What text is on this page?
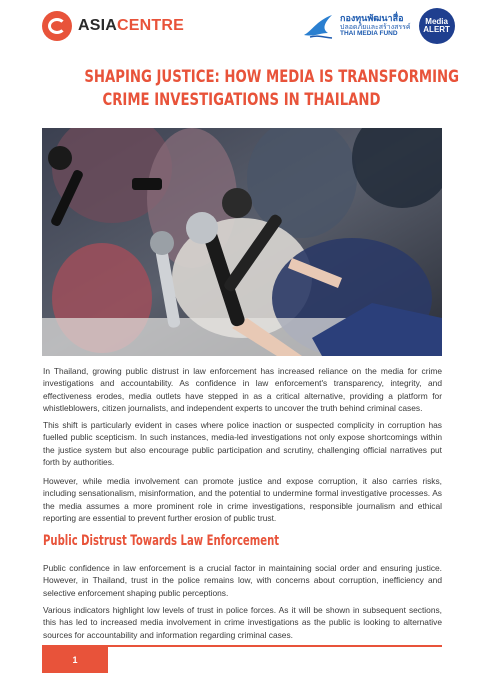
ASIACENTRE	กองทุนพัฒนาสื่อ
ปลอดภัยและสร้างสรรค์
THAI MEDIA FUND
Media
ALERT
SHAPING JUSTICE: HOW MEDIA IS TRANSFORMING
CRIME INVESTIGATIONS IN THAILAND

In Thailand, growing public distrust in law enforcement has increased reliance on the media for crime investigations and accountability. As confidence in law enforcement's transparency, integrity, and effectiveness erodes, media outlets have stepped in as a critical alternative, providing a platform for whistleblowers, citizen journalists, and independent experts to uncover the truth behind criminal cases.

This shift is particularly evident in cases where police inaction or suspected complicity in corruption has fuelled public scepticism. In such instances, media-led investigations not only expose shortcomings within the justice system but also encourage public participation and scrutiny, challenging official narratives put forth by authorities.

However, while media involvement can promote justice and expose corruption, it also carries risks, including sensationalism, misinformation, and the potential to undermine formal investigative processes. As the media assumes a more prominent role in crime investigations, responsible journalism and ethical reporting are essential to prevent further erosion of public trust.

Public Distrust Towards Law Enforcement

Public confidence in law enforcement is a crucial factor in maintaining social order and ensuring justice. However, in Thailand, trust in the police remains low, with concerns about corruption, inefficiency and selective enforcement shaping public perceptions.

Various indicators highlight low levels of trust in police forces. As it will be shown in subsequent sections, this has led to increased media involvement in crime investigations as the public is looking to alternative sources for accountability and information regarding criminal cases.

1
